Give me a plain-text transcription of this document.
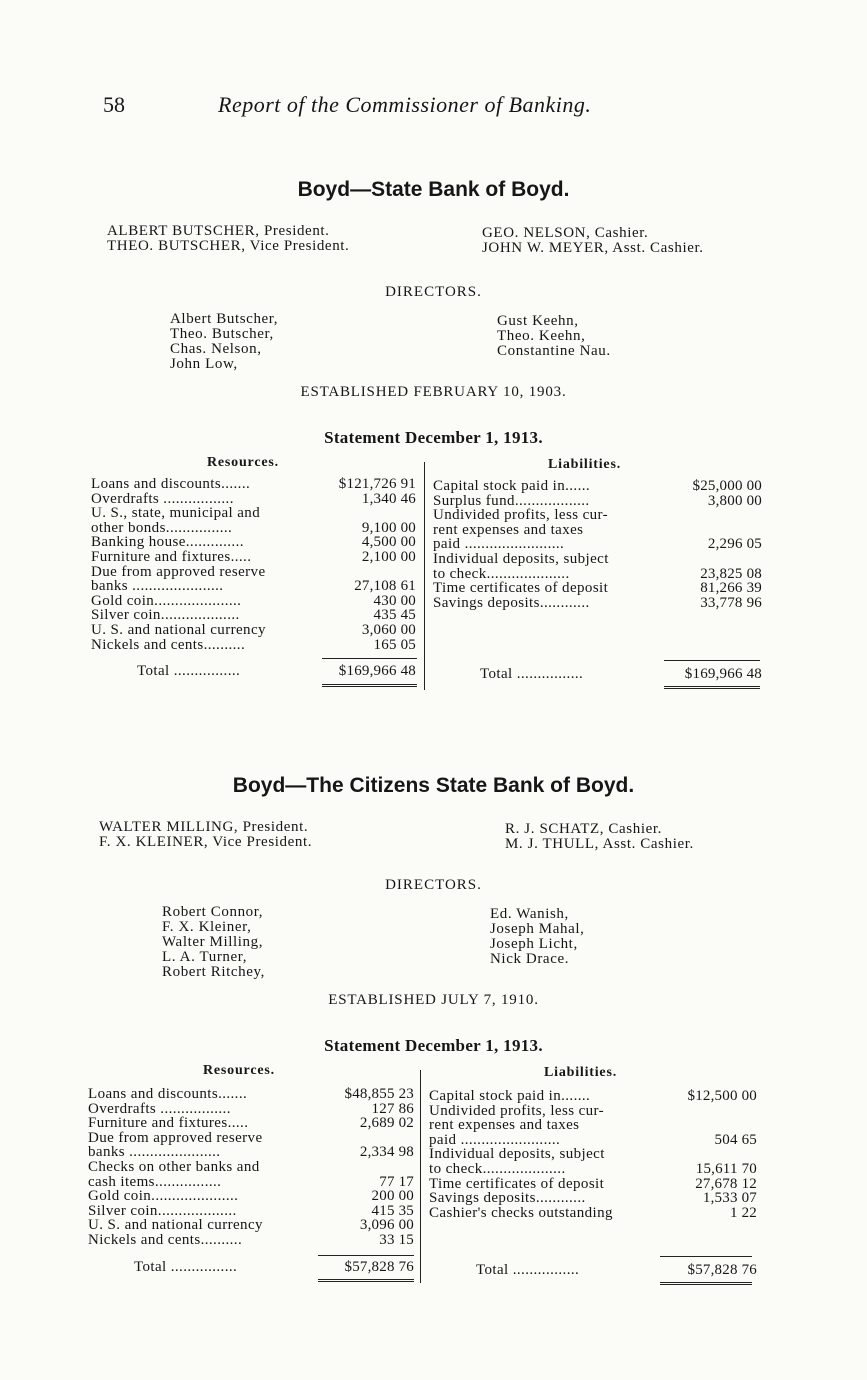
58	Report of the Commissioner of Banking.
Boyd—State Bank of Boyd.
ALBERT BUTSCHER, President.
THEO. BUTSCHER, Vice President.
GEO. NELSON, Cashier.
JOHN W. MEYER, Asst. Cashier.
DIRECTORS.
Albert Butscher,
Theo. Butscher,
Chas. Nelson,
John Low,
Gust Keehn,
Theo. Keehn,
Constantine Nau.
ESTABLISHED FEBRUARY 10, 1903.
Statement December 1, 1913.
Resources.	Liabilities.
Loans and discounts.......	$121,726 91
Overdrafts .................	1,340 46
U. S., state, municipal and
other bonds................	9,100 00
Banking house..............	4,500 00
Furniture and fixtures.....	2,100 00
Due from approved reserve
banks ......................	27,108 61
Gold coin.....................	430 00
Silver coin...................	435 45
U. S. and national currency	3,060 00
Nickels and cents..........	165 05
Capital stock paid in......	$25,000 00
Surplus fund..................	3,800 00
Undivided profits, less cur-
rent expenses and taxes
paid ........................	2,296 05
Individual deposits, subject
to check....................	23,825 08
Time certificates of deposit	81,266 39
Savings deposits............	33,778 96
Total ................	$169,966 48	Total ................	$169,966 48
Boyd—The Citizens State Bank of Boyd.
WALTER MILLING, President.
F. X. KLEINER, Vice President.
R. J. SCHATZ, Cashier.
M. J. THULL, Asst. Cashier.
DIRECTORS.
Robert Connor,
F. X. Kleiner,
Walter Milling,
L. A. Turner,
Robert Ritchey,
Ed. Wanish,
Joseph Mahal,
Joseph Licht,
Nick Drace.
ESTABLISHED JULY 7, 1910.
Statement December 1, 1913.
Resources.	Liabilities.
Loans and discounts.......	$48,855 23
Overdrafts .................	127 86
Furniture and fixtures.....	2,689 02
Due from approved reserve
banks ......................	2,334 98
Checks on other banks and
cash items................	77 17
Gold coin.....................	200 00
Silver coin...................	415 35
U. S. and national currency	3,096 00
Nickels and cents..........	33 15
Capital stock paid in.......	$12,500 00
Undivided profits, less cur-
rent expenses and taxes
paid ........................	504 65
Individual deposits, subject
to check....................	15,611 70
Time certificates of deposit	27,678 12
Savings deposits............	1,533 07
Cashier's checks outstanding	1 22
Total ................	$57,828 76	Total ................	$57,828 76
